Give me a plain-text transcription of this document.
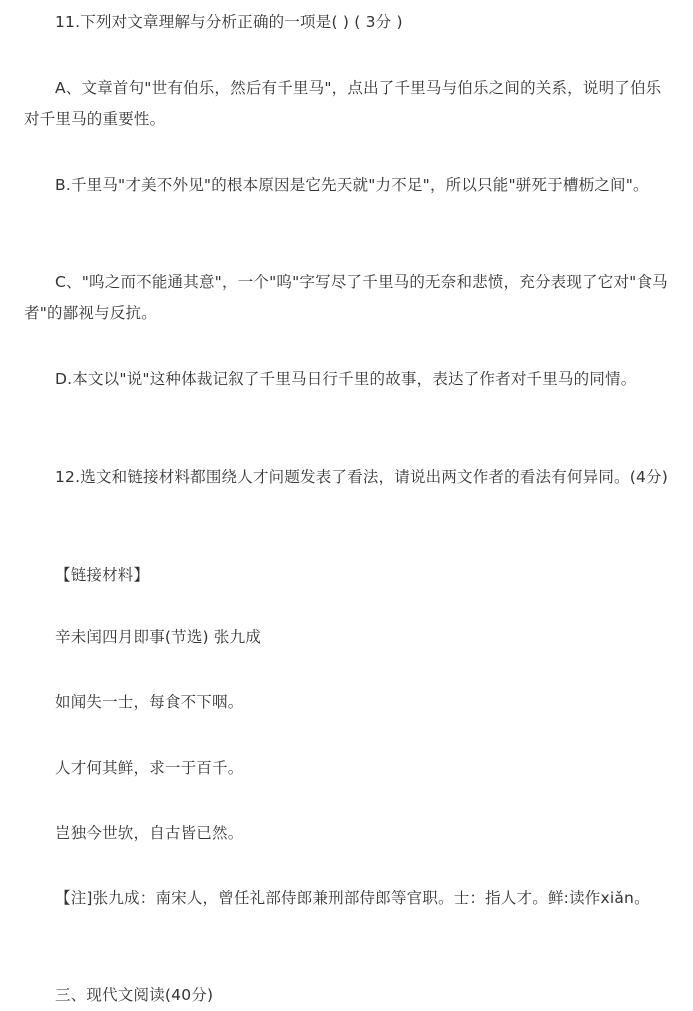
11.下列对文章理解与分析正确的一项是( ) ( 3分 )

A、文章首句"世有伯乐，然后有千里马"，点出了千里马与伯乐之间的关系，说明了伯乐对千里马的重要性。

B.千里马"才美不外见"的根本原因是它先天就"力不足"，所以只能"骈死于槽枥之间"。

C、"呜之而不能通其意"，一个"呜"字写尽了千里马的无奈和悲愤，充分表现了它对"食马者"的鄙视与反抗。

D.本文以"说"这种体裁记叙了千里马日行千里的故事，表达了作者对千里马的同情。

12.选文和链接材料都围绕人才问题发表了看法，请说出两文作者的看法有何异同。(4分)

【链接材料】

辛未闰四月即事(节选) 张九成

如闻失一士，每食不下咽。

人才何其鲜，求一于百千。

岂独今世欤，自古皆已然。

【注]张九成：南宋人，曾任礼部侍郎兼刑部侍郎等官职。士：指人才。鲜:读作xiǎn。

三、现代文阅读(40分)
